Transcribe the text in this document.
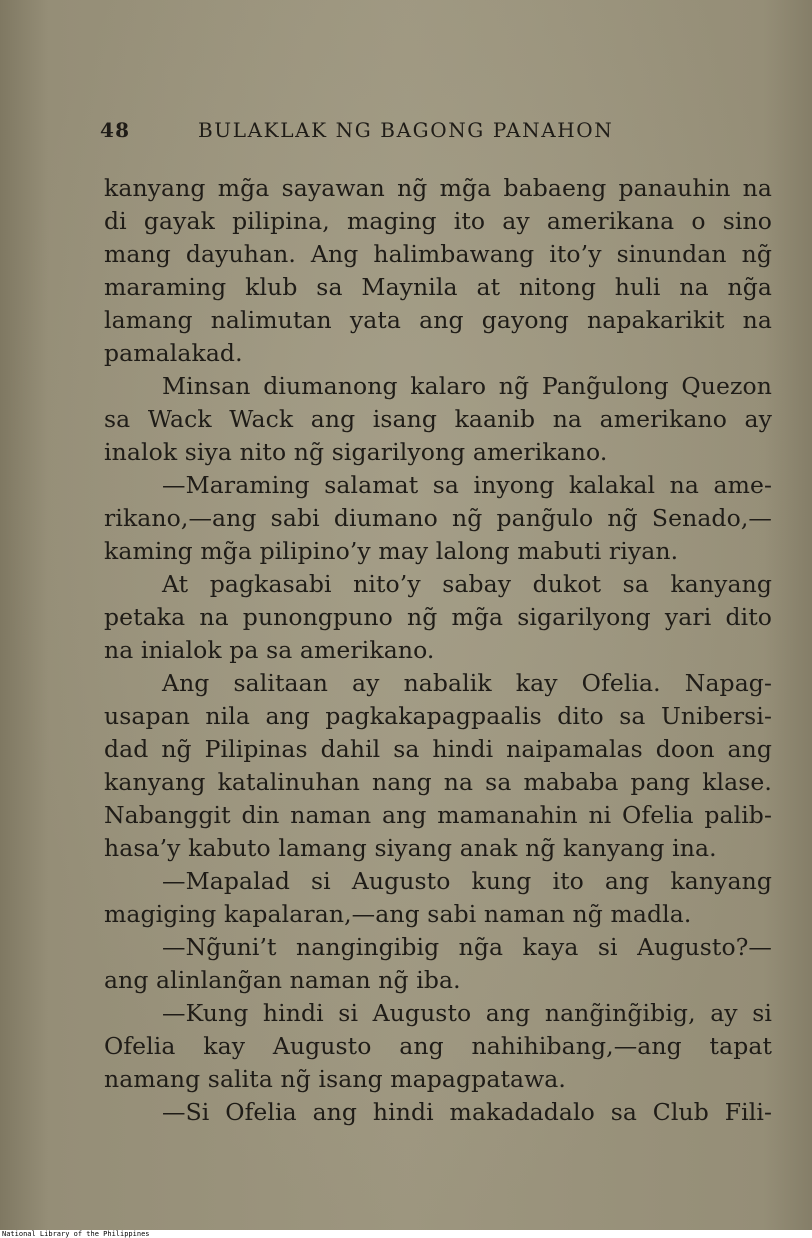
48	BULAKLAK NG BAGONG PANAHON
kanyang mg̃a sayawan ng̃ mg̃a babaeng panauhin na
di gayak pilipina, maging ito ay amerikana o sino
mang dayuhan. Ang halimbawang ito’y sinundan ng̃
maraming klub sa Maynila at nitong huli na ng̃a
lamang nalimutan yata ang gayong napakarikit na
pamalakad.
Minsan diumanong kalaro ng̃ Pang̃ulong Quezon
sa Wack Wack ang isang kaanib na amerikano ay
inalok siya nito ng̃ sigarilyong amerikano.
—Maraming salamat sa inyong kalakal na ame-
rikano,—ang sabi diumano ng̃ pang̃ulo ng̃ Senado,—
kaming mg̃a pilipino’y may lalong mabuti riyan.
At pagkasabi nito’y sabay dukot sa kanyang
petaka na punongpuno ng̃ mg̃a sigarilyong yari dito
na inialok pa sa amerikano.
Ang salitaan ay nabalik kay Ofelia. Napag-
usapan nila ang pagkakapagpaalis dito sa Unibersi-
dad ng̃ Pilipinas dahil sa hindi naipamalas doon ang
kanyang katalinuhan nang na sa mababa pang klase.
Nabanggit din naman ang mamanahin ni Ofelia palib-
hasa’y kabuto lamang siyang anak ng̃ kanyang ina.
—Mapalad si Augusto kung ito ang kanyang
magiging kapalaran,—ang sabi naman ng̃ madla.
—Ng̃uni’t nangingibig ng̃a kaya si Augusto?—
ang alinlang̃an naman ng̃ iba.
—Kung hindi si Augusto ang nang̃ing̃ibig, ay si
Ofelia kay Augusto ang nahihibang,—ang tapat
namang salita ng̃ isang mapagpatawa.
—Si Ofelia ang hindi makadadalo sa Club Fili-
National Library of the Philippines
